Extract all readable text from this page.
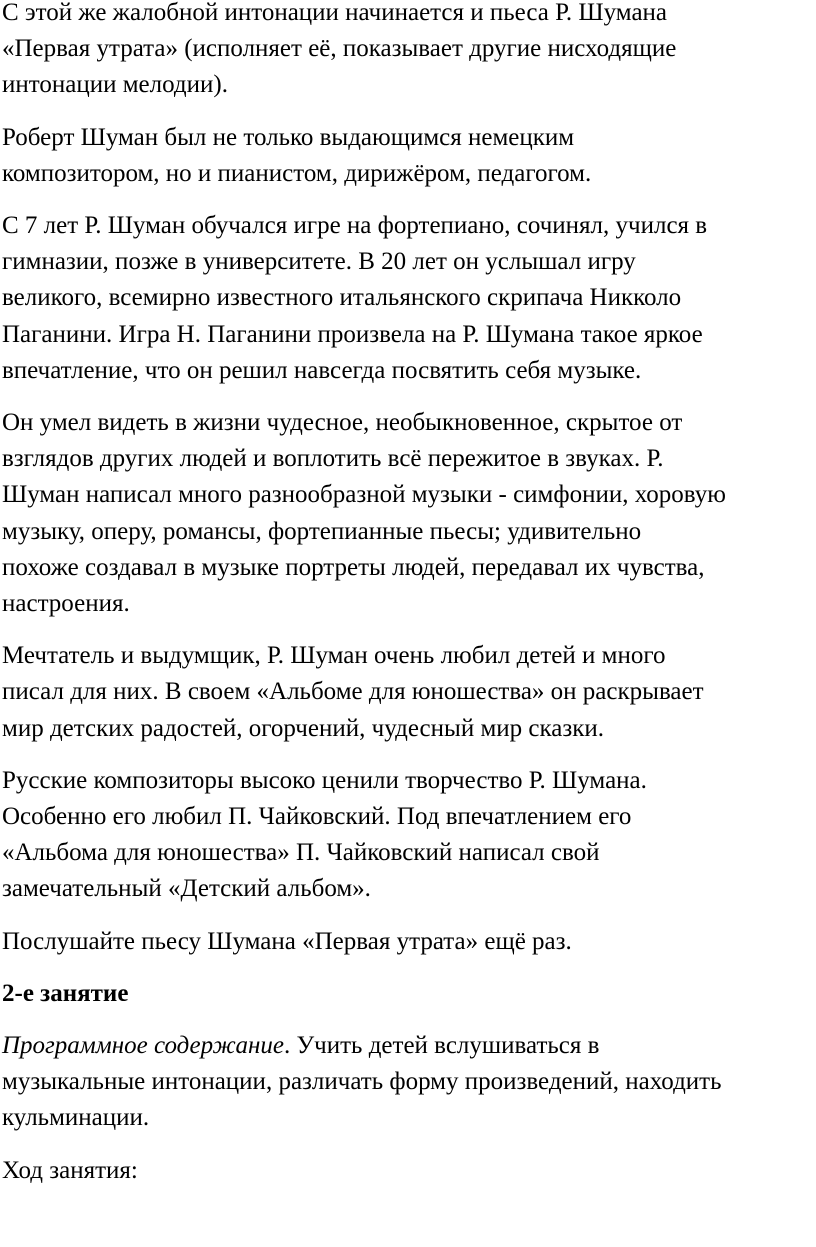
С этой же жалобной интонации начинается и пьеса Р. Шумана
«Первая утрата» (исполняет её, показывает другие нисходящие
интонации мелодии).

Роберт Шуман был не только выдающимся немецким
композитором, но и пианистом, дирижёром, педагогом.

С 7 лет Р. Шуман обучался игре на фортепиано, сочинял, учился в
гимназии, позже в университете. В 20 лет он услышал игру
великого, всемирно известного итальянского скрипача Никколо
Паганини. Игра Н. Паганини произвела на Р. Шумана такое яркое
впечатление, что он решил навсегда посвятить себя музыке.

Он умел видеть в жизни чудесное, необыкновенное, скрытое от
взглядов других людей и воплотить всё пережитое в звуках. Р.
Шуман написал много разнообразной музыки - симфонии, хоровую
музыку, оперу, романсы, фортепианные пьесы; удивительно
похоже создавал в музыке портреты людей, передавал их чувства,
настроения.

Мечтатель и выдумщик, Р. Шуман очень любил детей и много
писал для них. В своем «Альбоме для юношества» он раскрывает
мир детских радостей, огорчений, чудесный мир сказки.

Русские композиторы высоко ценили творчество Р. Шумана.
Особенно его любил П. Чайковский. Под впечатлением его
«Альбома для юношества» П. Чайковский написал свой
замечательный «Детский альбом».

Послушайте пьесу Шумана «Первая утрата» ещё раз.

2-е занятие

Программное содержание. Учить детей вслушиваться в
музыкальные интонации, различать форму произведений, находить
кульминации.

Ход занятия:
